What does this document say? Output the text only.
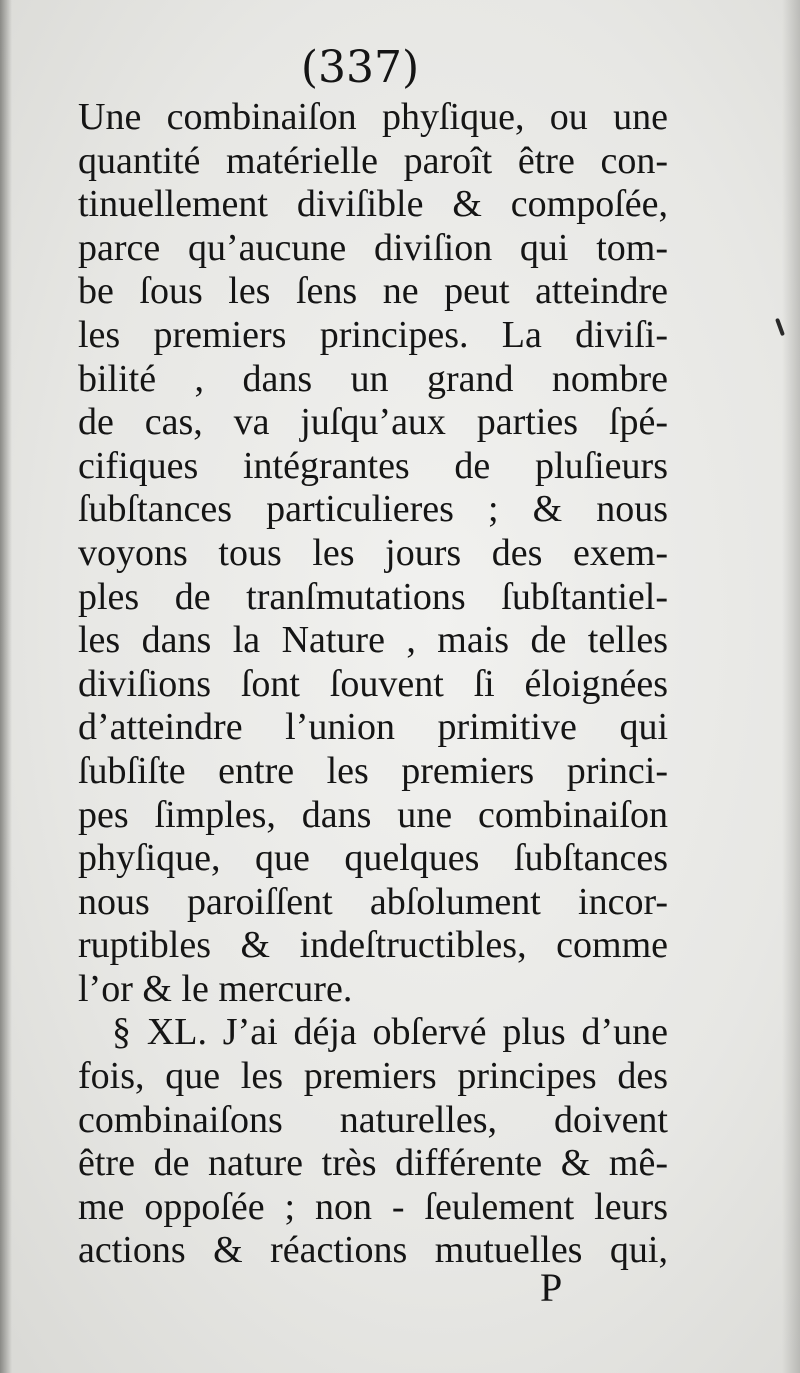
(337)
Une combinaiſon phyſique, ou une
quantité matérielle paroît être con-
tinuellement diviſible & compoſée,
parce qu’aucune diviſion qui tom-
be ſous les ſens ne peut atteindre
les premiers principes. La diviſi-
bilité , dans un grand nombre
de cas, va juſqu’aux parties ſpé-
cifiques intégrantes de pluſieurs
ſubſtances particulieres ; & nous
voyons tous les jours des exem-
ples de tranſmutations ſubſtantiel-
les dans la Nature , mais de telles
diviſions ſont ſouvent ſi éloignées
d’atteindre l’union primitive qui
ſubſiſte entre les premiers princi-
pes ſimples, dans une combinaiſon
phyſique, que quelques ſubſtances
nous paroiſſent abſolument incor-
ruptibles & indeſtructibles, comme
l’or & le mercure.
§ XL. J’ai déja obſervé plus d’une
fois, que les premiers principes des
combinaiſons naturelles, doivent
être de nature très différente & mê-
me oppoſée ; non - ſeulement leurs
actions & réactions mutuelles qui,
P
